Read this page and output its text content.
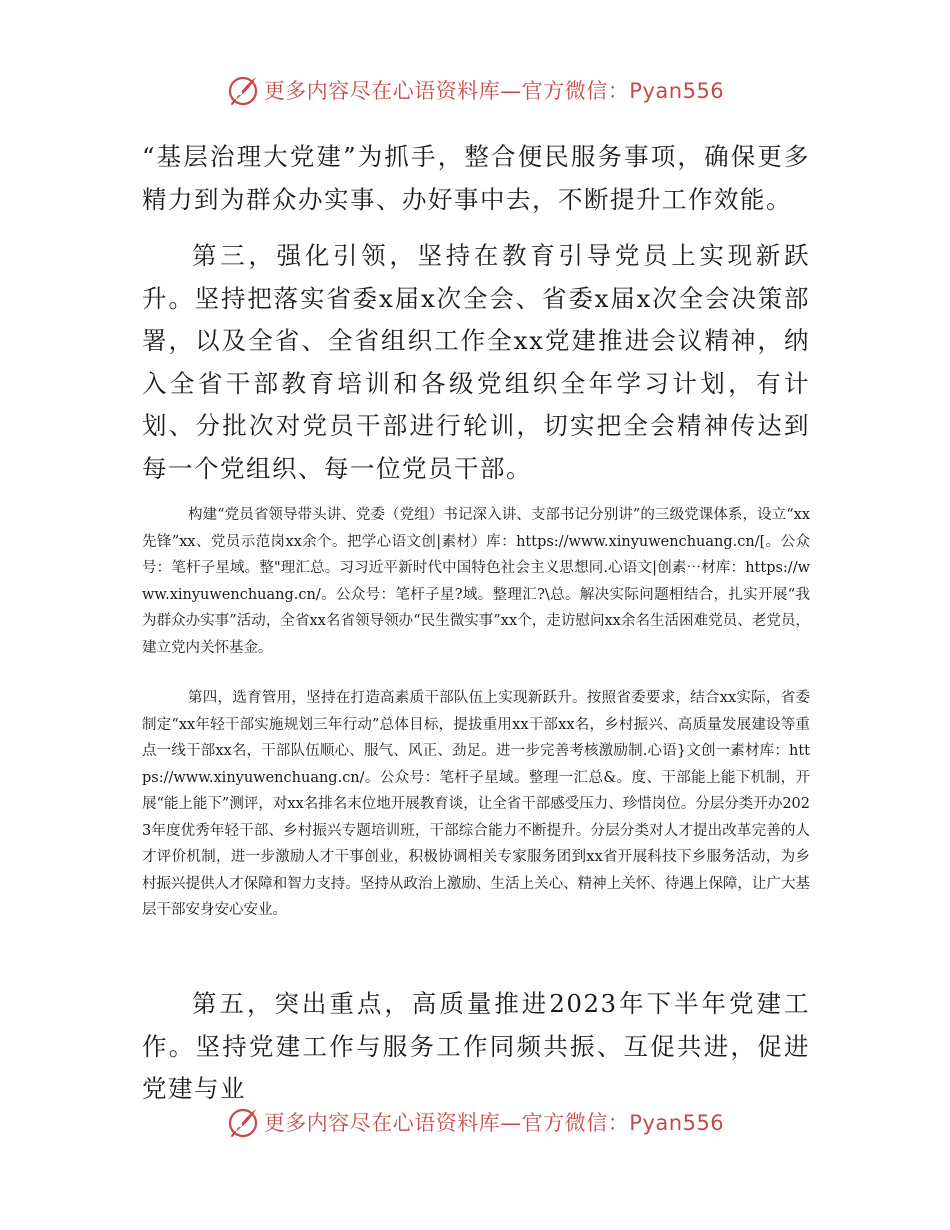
更多内容尽在心语资料库—官方微信：Pyan556

“基层治理大党建”为抓手，整合便民服务事项，确保更多精力到为群众办实事、办好事中去，不断提升工作效能。

第三，强化引领，坚持在教育引导党员上实现新跃升。坚持把落实省委x届x次全会、省委x届x次全会决策部署，以及全省、全省组织工作全xx党建推进会议精神，纳入全省干部教育培训和各级党组织全年学习计划，有计划、分批次对党员干部进行轮训，切实把全会精神传达到每一个党组织、每一位党员干部。

构建“党员省领导带头讲、党委（党组）书记深入讲、支部书记分别讲”的三级党课体系，设立“xx先锋”xx、党员示范岗xx余个。把学心语文创|素材）库：https://www.xinyuwenchuang.cn/[。公众号：笔杆子星域。整"理汇总。习习近平新时代中国特色社会主义思想同.心语文|创素⋯材库：https://www.xinyuwenchuang.cn/。公众号：笔杆子星?域。整理汇?\总。解决实际问题相结合，扎实开展“我为群众办实事”活动，全省xx名省领导领办“民生微实事”xx个，走访慰问xx余名生活困难党员、老党员，建立党内关怀基金。

第四，选育管用，坚持在打造高素质干部队伍上实现新跃升。按照省委要求，结合xx实际，省委制定“xx年轻干部实施规划三年行动”总体目标，提拔重用xx干部xx名，乡村振兴、高质量发展建设等重点一线干部xx名，干部队伍顺心、服气、风正、劲足。进一步完善考核激励制.心语}文创一素材库：https://www.xinyuwenchuang.cn/。公众号：笔杆子星域。整理一汇总&。度、干部能上能下机制，开展“能上能下”测评，对xx名排名末位地开展教育谈，让全省干部感受压力、珍惜岗位。分层分类开办2023年度优秀年轻干部、乡村振兴专题培训班，干部综合能力不断提升。分层分类对人才提出改革完善的人才评价机制，进一步激励人才干事创业，积极协调相关专家服务团到xx省开展科技下乡服务活动，为乡村振兴提供人才保障和智力支持。坚持从政治上激励、生活上关心、精神上关怀、待遇上保障，让广大基层干部安身安心安业。

第五，突出重点，高质量推进2023年下半年党建工作。坚持党建工作与服务工作同频共振、互促共进，促进党建与业

更多内容尽在心语资料库—官方微信：Pyan556
